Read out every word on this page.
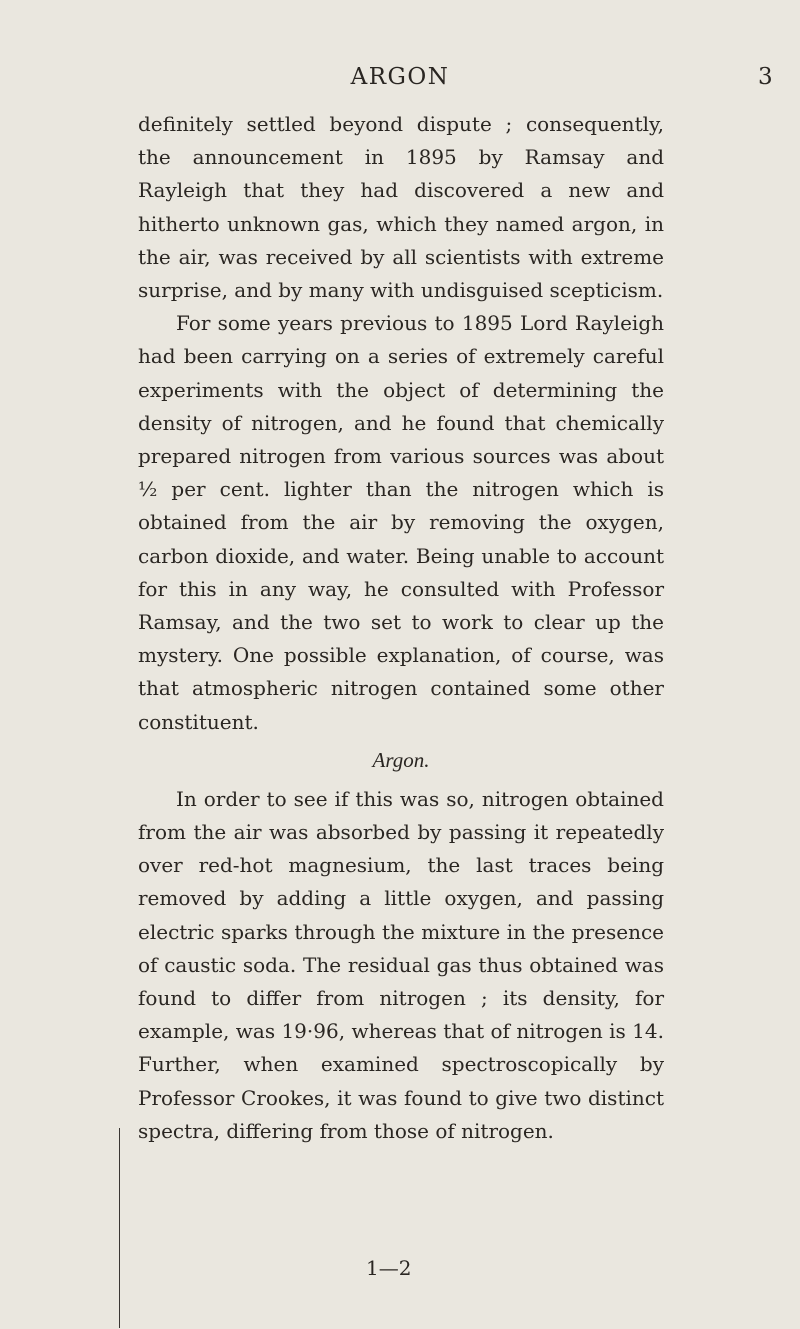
ARGON	3

definitely settled beyond dispute ; consequently, the announcement in 1895 by Ramsay and Rayleigh that they had discovered a new and hitherto unknown gas, which they named argon, in the air, was received by all scientists with extreme surprise, and by many with undisguised scepticism.

For some years previous to 1895 Lord Rayleigh had been carrying on a series of extremely careful experiments with the object of determining the density of nitrogen, and he found that chemically prepared nitrogen from various sources was about ½ per cent. lighter than the nitrogen which is obtained from the air by removing the oxygen, carbon dioxide, and water. Being unable to account for this in any way, he consulted with Professor Ramsay, and the two set to work to clear up the mystery. One possible explanation, of course, was that atmospheric nitrogen contained some other constituent.

Argon.

In order to see if this was so, nitrogen obtained from the air was absorbed by passing it repeatedly over red-hot magnesium, the last traces being removed by adding a little oxygen, and passing electric sparks through the mixture in the presence of caustic soda. The residual gas thus obtained was found to differ from nitrogen ; its density, for example, was 19·96, whereas that of nitrogen is 14. Further, when examined spectroscopically by Professor Crookes, it was found to give two distinct spectra, differing from those of nitrogen.

1—2
